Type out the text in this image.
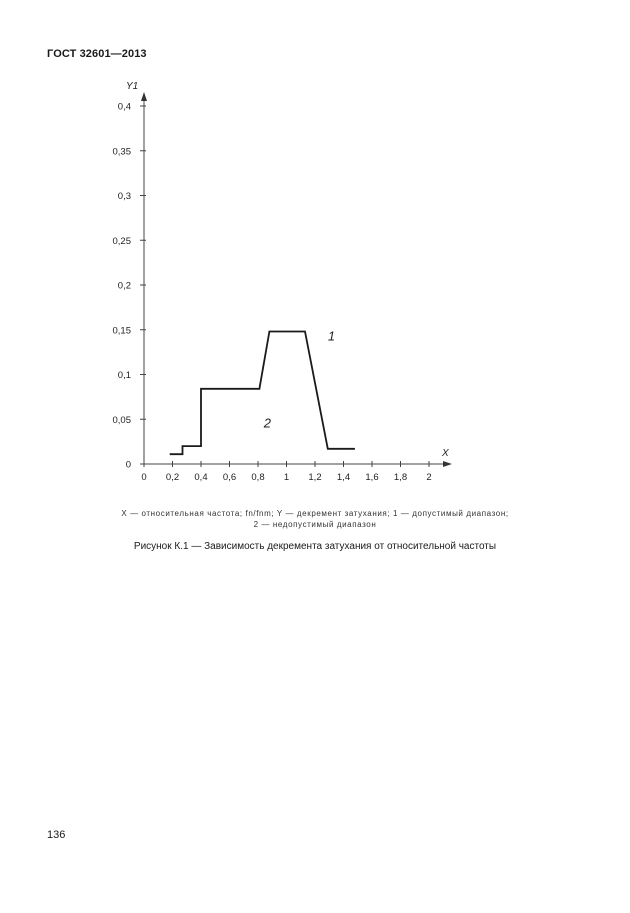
ГОСТ 32601—2013
X
Y1
0 0,2 0,4 0,6 0,8 1 1,2 1,4 1,6 1,8 2
0
0,05
0,1
0,15
0,2
0,25
0,3
0,35
0,4
1
2
X — относительная частота; fn/fnm; Y — декремент затухания; 1 — допустимый диапазон;
2 — недопустимый диапазон
Рисунок К.1 — Зависимость декремента затухания от относительной частоты
136
